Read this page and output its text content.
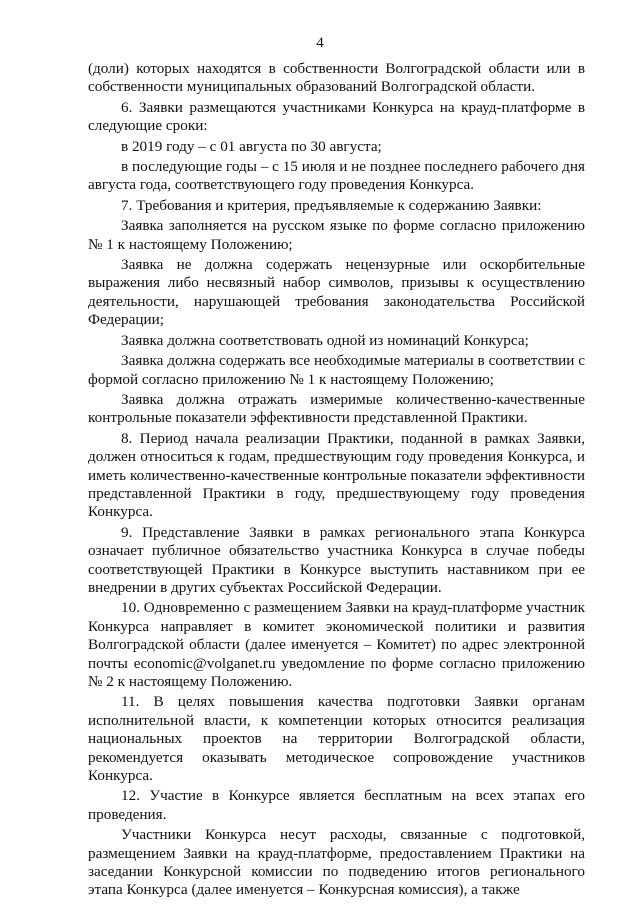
4

(доли) которых находятся в собственности Волгоградской области или в собственности муниципальных образований Волгоградской области.

6. Заявки размещаются участниками Конкурса на крауд-платформе в следующие сроки:

в 2019 году – с 01 августа по 30 августа;

в последующие годы – с 15 июля и не позднее последнего рабочего дня августа года, соответствующего году проведения Конкурса.

7. Требования и критерия, предъявляемые к содержанию Заявки:

Заявка заполняется на русском языке по форме согласно приложению № 1 к настоящему Положению;

Заявка не должна содержать нецензурные или оскорбительные выражения либо несвязный набор символов, призывы к осуществлению деятельности, нарушающей требования законодательства Российской Федерации;

Заявка должна соответствовать одной из номинаций Конкурса;

Заявка должна содержать все необходимые материалы в соответствии с формой согласно приложению № 1 к настоящему Положению;

Заявка должна отражать измеримые количественно-качественные контрольные показатели эффективности представленной Практики.

8. Период начала реализации Практики, поданной в рамках Заявки, должен относиться к годам, предшествующим году проведения Конкурса, и иметь количественно-качественные контрольные показатели эффективности представленной Практики в году, предшествующему году проведения Конкурса.

9. Представление Заявки в рамках регионального этапа Конкурса означает публичное обязательство участника Конкурса в случае победы соответствующей Практики в Конкурсе выступить наставником при ее внедрении в других субъектах Российской Федерации.

10. Одновременно с размещением Заявки на крауд-платформе участник Конкурса направляет в комитет экономической политики и развития Волгоградской области (далее именуется – Комитет) по адрес электронной почты economic@volganet.ru уведомление по форме согласно приложению № 2 к настоящему Положению.

11. В целях повышения качества подготовки Заявки органам исполнительной власти, к компетенции которых относится реализация национальных проектов на территории Волгоградской области, рекомендуется оказывать методическое сопровождение участников Конкурса.

12. Участие в Конкурсе является бесплатным на всех этапах его проведения.

Участники Конкурса несут расходы, связанные с подготовкой, размещением Заявки на крауд-платформе, предоставлением Практики на заседании Конкурсной комиссии по подведению итогов регионального этапа Конкурса (далее именуется – Конкурсная комиссия), а также
